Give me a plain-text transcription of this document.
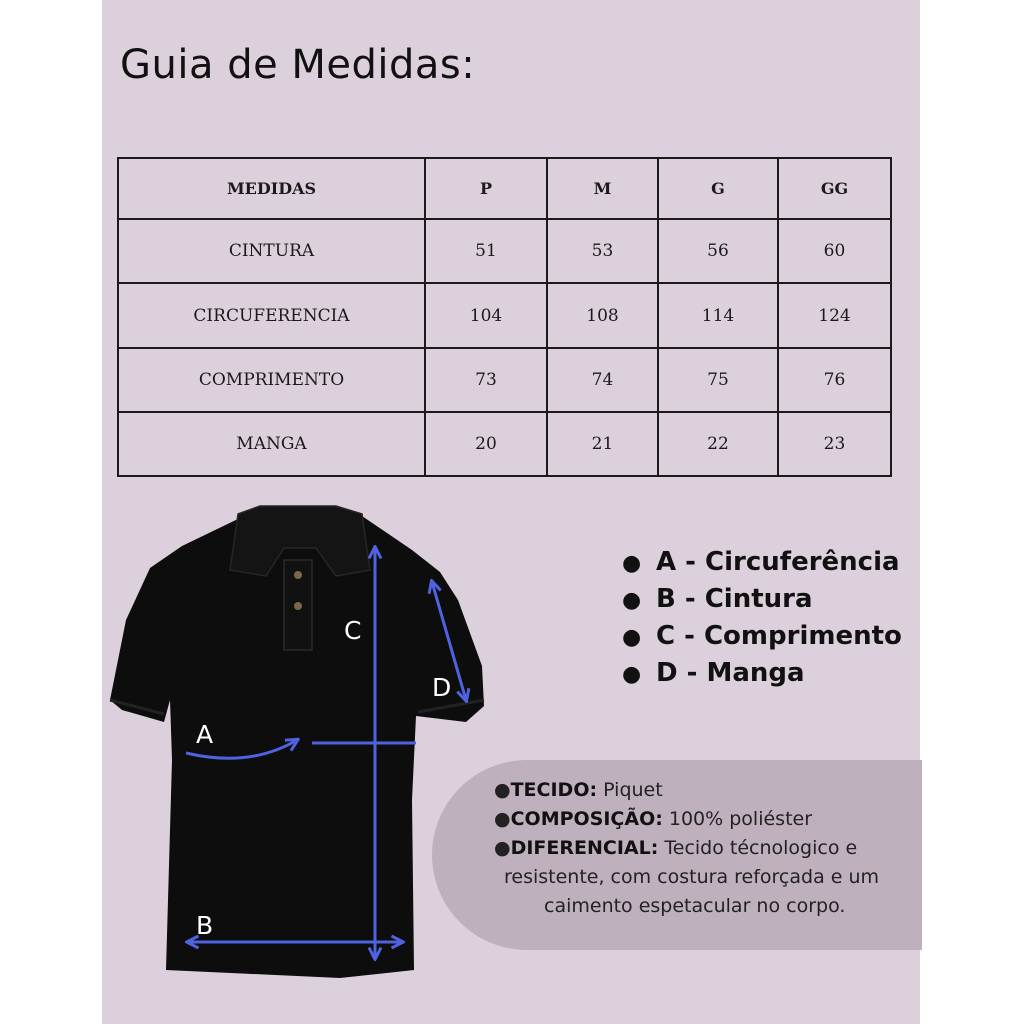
Guia de Medidas:
MEDIDAS	P	M	G	GG
CINTURA	51	53	56	60
CIRCUFERENCIA	104	108	114	124
COMPRIMENTO	73	74	75	76
MANGA	20	21	22	23
A
B
C
D
● A - Circuferência
● B - Cintura
● C - Comprimento
● D - Manga
●TECIDO: Piquet
●COMPOSIÇÃO: 100% poliéster
●DIFERENCIAL: Tecido técnologico e
resistente, com costura reforçada e um
caimento espetacular no corpo.
